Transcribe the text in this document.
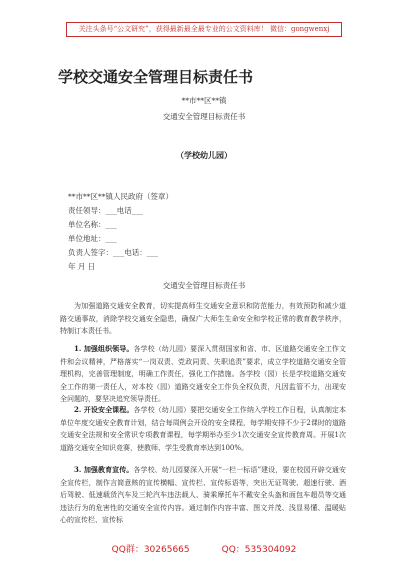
关注头条号“公文研究”，获得最新最全最专业的公文资料库！ 微信：gongwenxj
学校交通安全管理目标责任书
**市**区**镇
交通安全管理目标责任书
（学校幼儿园）
**市**区**镇人民政府（签章）
责任领导：___电话___
单位名称：___
单位地址：___
负责人签字：___电话：___
年 月 日
交通安全管理目标责任书
为加强道路交通安全教育，切实提高师生交通安全意识和防范能力，有效预防和减少道路交通事故，消除学校交通安全隐患，确保广大师生生命安全和学校正常的教育教学秩序，特制订本责任书。
1. 加强组织领导。各学校（幼儿园）要深入贯彻国家和省、市、区道路交通安全工作文件和会议精神，严格落实“一岗双责、党政同责、失职追责”要求，成立学校道路交通安全管理机构，完善管理制度，明确工作责任，强化工作措施。各学校（园）长是学校道路交通安全工作的第一责任人，对本校（园）道路交通安全工作负全权负责，凡因监管不力，出现安全问题的，要坚决追究领导责任。
2. 开设安全课程。各学校（幼儿园）要把交通安全工作纳入学校工作日程，认真制定本单位年度交通安全教育计划，结合每周例会开设的安全课程，每学期安排不少于2课时的道路交通安全法规和安全常识专项教育课程，每学期举办至少1次交通安全宣传教育周。开展1次道路交通安全知识竞赛，使教师、学生受教育率达到100%。
3. 加强教育宣传。各学校、幼儿园要深入开展“一栏一标语”建设，要在校园开辟交通安全宣传栏，制作言简意赅的宣传横幅、宣传栏、宣传标语等，突出无证驾驶、超速行驶、酒后驾驶、低速载货汽车及三轮汽车违法载人、骑乘摩托车不戴安全头盔和面包车超员等交通违法行为的危害性的交通安全宣传内容。通过制作内容丰富、图文并茂、浅显易懂、温暖贴心的宣传栏、宣传标
QQ群：30265665	QQ：535304092
